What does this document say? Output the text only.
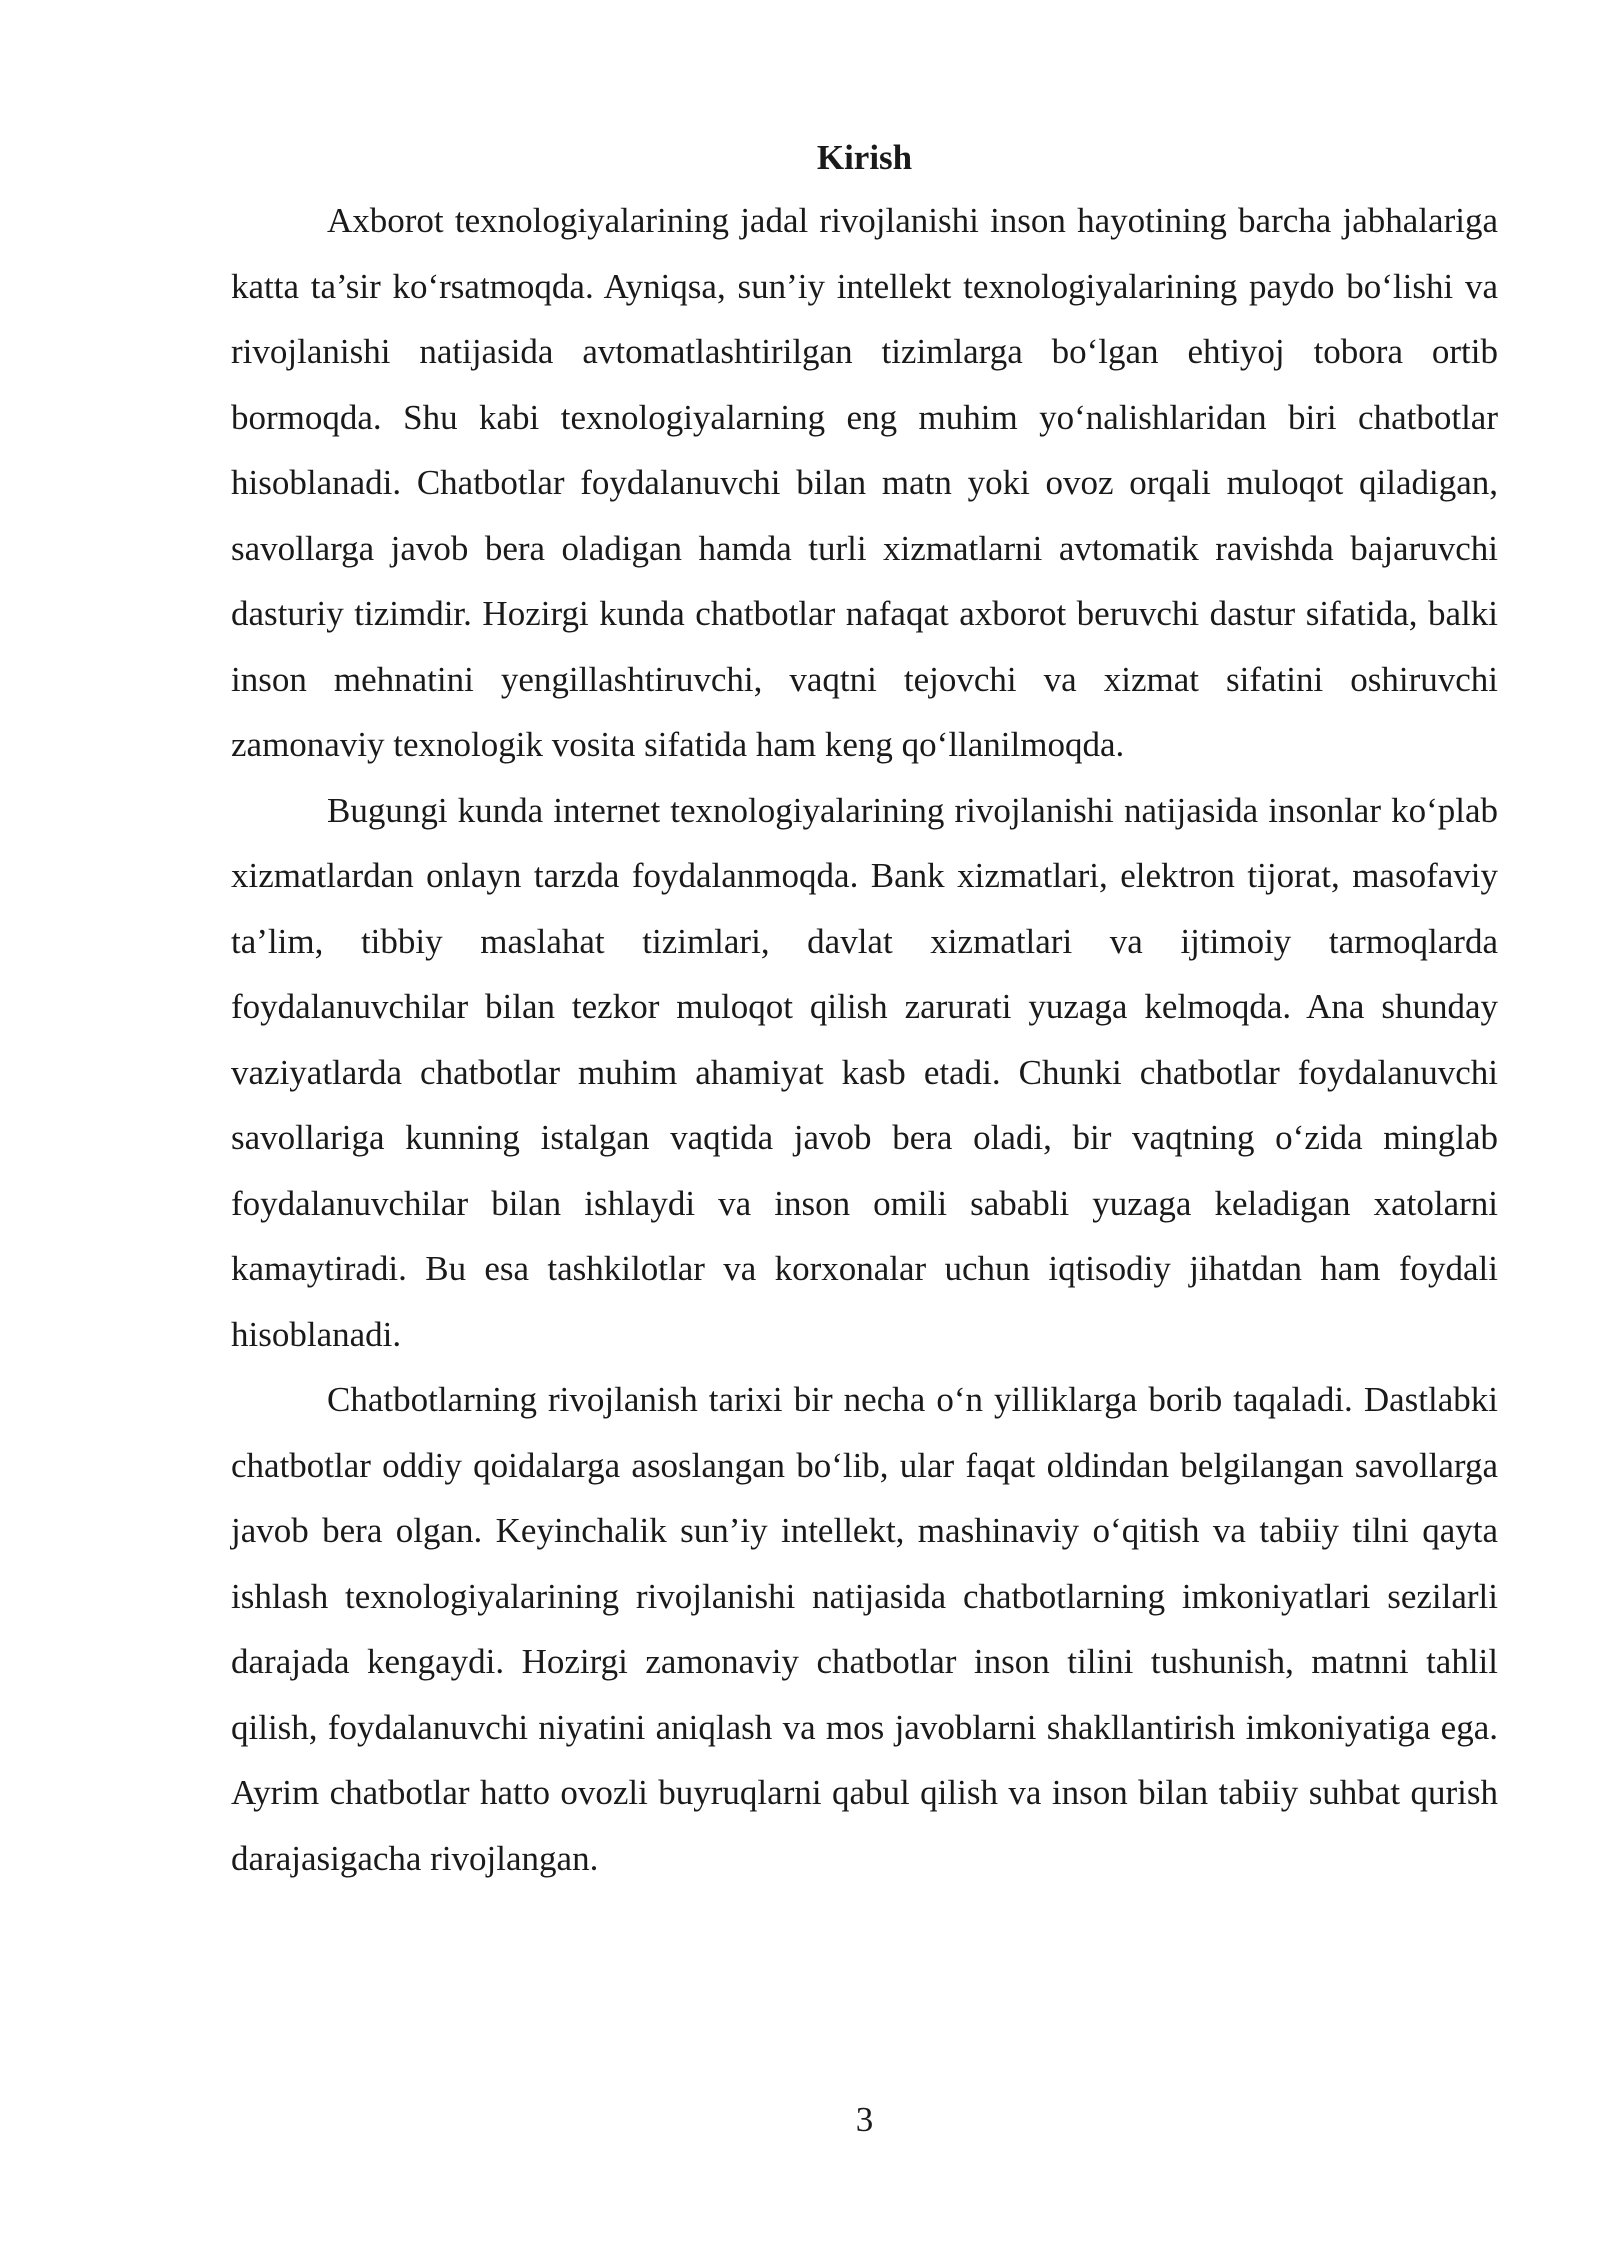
Kirish

Axborot texnologiyalarining jadal rivojlanishi inson hayotining barcha jabhalariga katta ta’sir ko‘rsatmoqda. Ayniqsa, sun’iy intellekt texnologiyalarining paydo bo‘lishi va rivojlanishi natijasida avtomatlashtirilgan tizimlarga bo‘lgan ehtiyoj tobora ortib bormoqda. Shu kabi texnologiyalarning eng muhim yo‘nalishlaridan biri chatbotlar hisoblanadi. Chatbotlar foydalanuvchi bilan matn yoki ovoz orqali muloqot qiladigan, savollarga javob bera oladigan hamda turli xizmatlarni avtomatik ravishda bajaruvchi dasturiy tizimdir. Hozirgi kunda chatbotlar nafaqat axborot beruvchi dastur sifatida, balki inson mehnatini yengillashtiruvchi, vaqtni tejovchi va xizmat sifatini oshiruvchi zamonaviy texnologik vosita sifatida ham keng qo‘llanilmoqda.

Bugungi kunda internet texnologiyalarining rivojlanishi natijasida insonlar ko‘plab xizmatlardan onlayn tarzda foydalanmoqda. Bank xizmatlari, elektron tijorat, masofaviy ta’lim, tibbiy maslahat tizimlari, davlat xizmatlari va ijtimoiy tarmoqlarda foydalanuvchilar bilan tezkor muloqot qilish zarurati yuzaga kelmoqda. Ana shunday vaziyatlarda chatbotlar muhim ahamiyat kasb etadi. Chunki chatbotlar foydalanuvchi savollariga kunning istalgan vaqtida javob bera oladi, bir vaqtning o‘zida minglab foydalanuvchilar bilan ishlaydi va inson omili sababli yuzaga keladigan xatolarni kamaytiradi. Bu esa tashkilotlar va korxonalar uchun iqtisodiy jihatdan ham foydali hisoblanadi.

Chatbotlarning rivojlanish tarixi bir necha o‘n yilliklarga borib taqaladi. Dastlabki chatbotlar oddiy qoidalarga asoslangan bo‘lib, ular faqat oldindan belgilangan savollarga javob bera olgan. Keyinchalik sun’iy intellekt, mashinaviy o‘qitish va tabiiy tilni qayta ishlash texnologiyalarining rivojlanishi natijasida chatbotlarning imkoniyatlari sezilarli darajada kengaydi. Hozirgi zamonaviy chatbotlar inson tilini tushunish, matnni tahlil qilish, foydalanuvchi niyatini aniqlash va mos javoblarni shakllantirish imkoniyatiga ega. Ayrim chatbotlar hatto ovozli buyruqlarni qabul qilish va inson bilan tabiiy suhbat qurish darajasigacha rivojlangan.

3
